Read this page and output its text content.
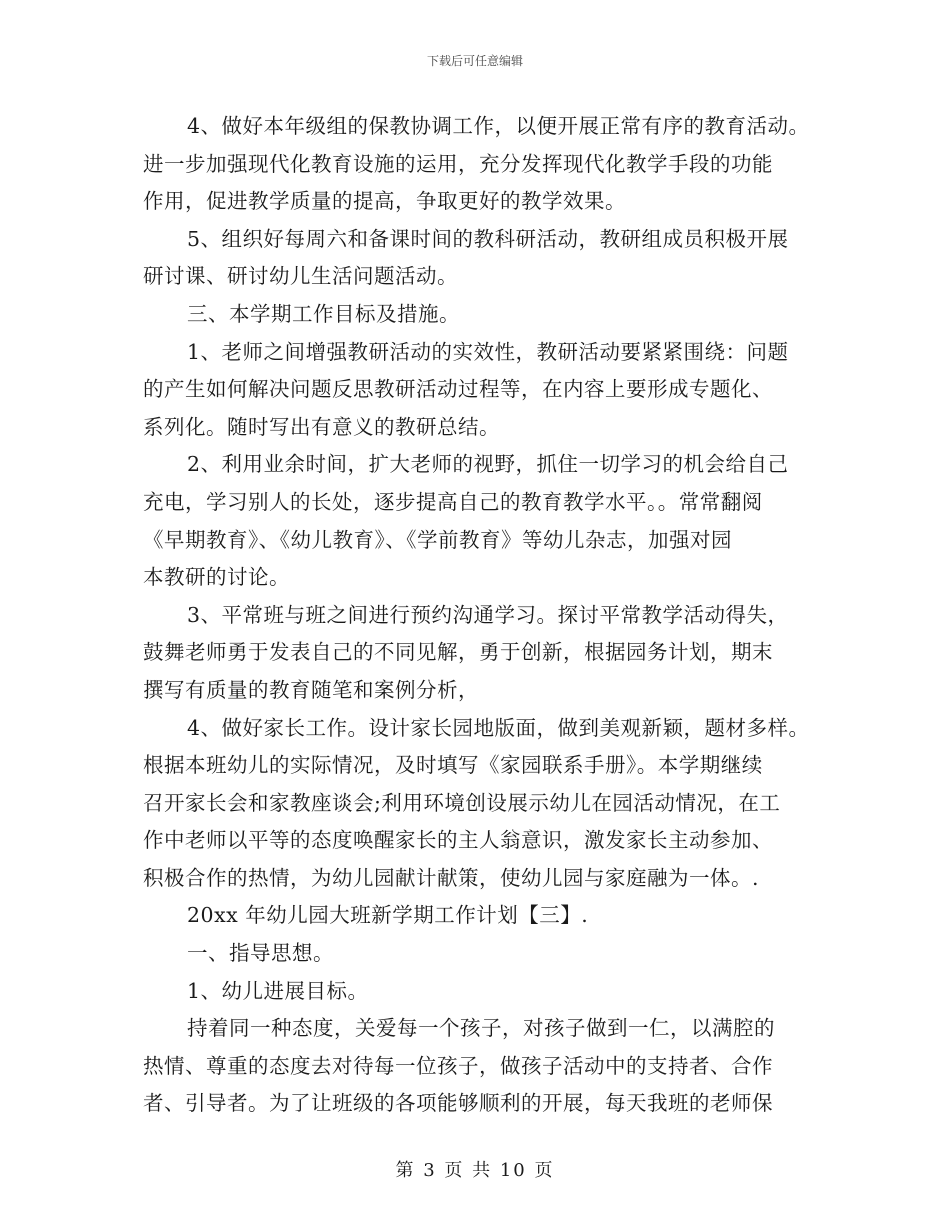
下载后可任意编辑
4、做好本年级组的保教协调工作，以便开展正常有序的教育活动。
进一步加强现代化教育设施的运用，充分发挥现代化教学手段的功能
作用，促进教学质量的提高，争取更好的教学效果。
5、组织好每周六和备课时间的教科研活动，教研组成员积极开展
研讨课、研讨幼儿生活问题活动。
三、本学期工作目标及措施。
1、老师之间增强教研活动的实效性，教研活动要紧紧围绕：问题
的产生如何解决问题反思教研活动过程等，在内容上要形成专题化、
系列化。随时写出有意义的教研总结。
2、利用业余时间，扩大老师的视野，抓住一切学习的机会给自己
充电，学习别人的长处，逐步提高自己的教育教学水平。。常常翻阅
《早期教育》、《幼儿教育》、《学前教育》等幼儿杂志，加强对园
本教研的讨论。
3、平常班与班之间进行预约沟通学习。探讨平常教学活动得失，
鼓舞老师勇于发表自己的不同见解，勇于创新，根据园务计划，期末
撰写有质量的教育随笔和案例分析，
4、做好家长工作。设计家长园地版面，做到美观新颖，题材多样。
根据本班幼儿的实际情况，及时填写《家园联系手册》。本学期继续
召开家长会和家教座谈会;利用环境创设展示幼儿在园活动情况，在工
作中老师以平等的态度唤醒家长的主人翁意识，激发家长主动参加、
积极合作的热情，为幼儿园献计献策，使幼儿园与家庭融为一体。.
20xx 年幼儿园大班新学期工作计划【三】.
一、指导思想。
1、幼儿进展目标。
持着同一种态度，关爱每一个孩子，对孩子做到一仁，以满腔的
热情、尊重的态度去对待每一位孩子，做孩子活动中的支持者、合作
者、引导者。为了让班级的各项能够顺利的开展，每天我班的老师保
第 3 页 共 10 页
